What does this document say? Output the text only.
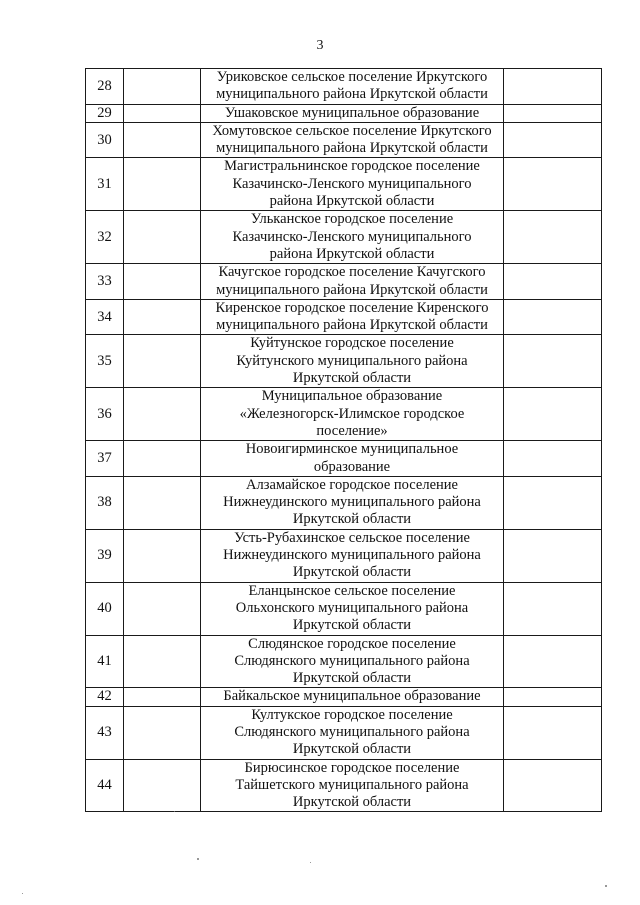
3
28		Уриковское сельское поселение Иркутского
муниципального района Иркутской области	

29		Ушаковское муниципальное образование	

30		Хомутовское сельское поселение Иркутского
муниципального района Иркутской области	

31		Магистральнинское городское поселение
Казачинско-Ленского муниципального
района Иркутской области	

32		Ульканское городское поселение
Казачинско-Ленского муниципального
района Иркутской области	

33		Качугское городское поселение Качугского
муниципального района Иркутской области	

34		Киренское городское поселение Киренского
муниципального района Иркутской области	

35		Куйтунское городское поселение
Куйтунского муниципального района
Иркутской области	

36		Муниципальное образование
«Железногорск-Илимское городское
поселение»	

37		Новоигирминское муниципальное
образование	

38		Алзамайское городское поселение
Нижнеудинского муниципального района
Иркутской области	

39		Усть-Рубахинское сельское поселение
Нижнеудинского муниципального района
Иркутской области	

40		Еланцынское сельское поселение
Ольхонского муниципального района
Иркутской области	

41		Слюдянское городское поселение
Слюдянского муниципального района
Иркутской области	

42		Байкальское муниципальное образование	

43		Култукское городское поселение
Слюдянского муниципального района
Иркутской области	

44		Бирюсинское городское поселение
Тайшетского муниципального района
Иркутской области	
